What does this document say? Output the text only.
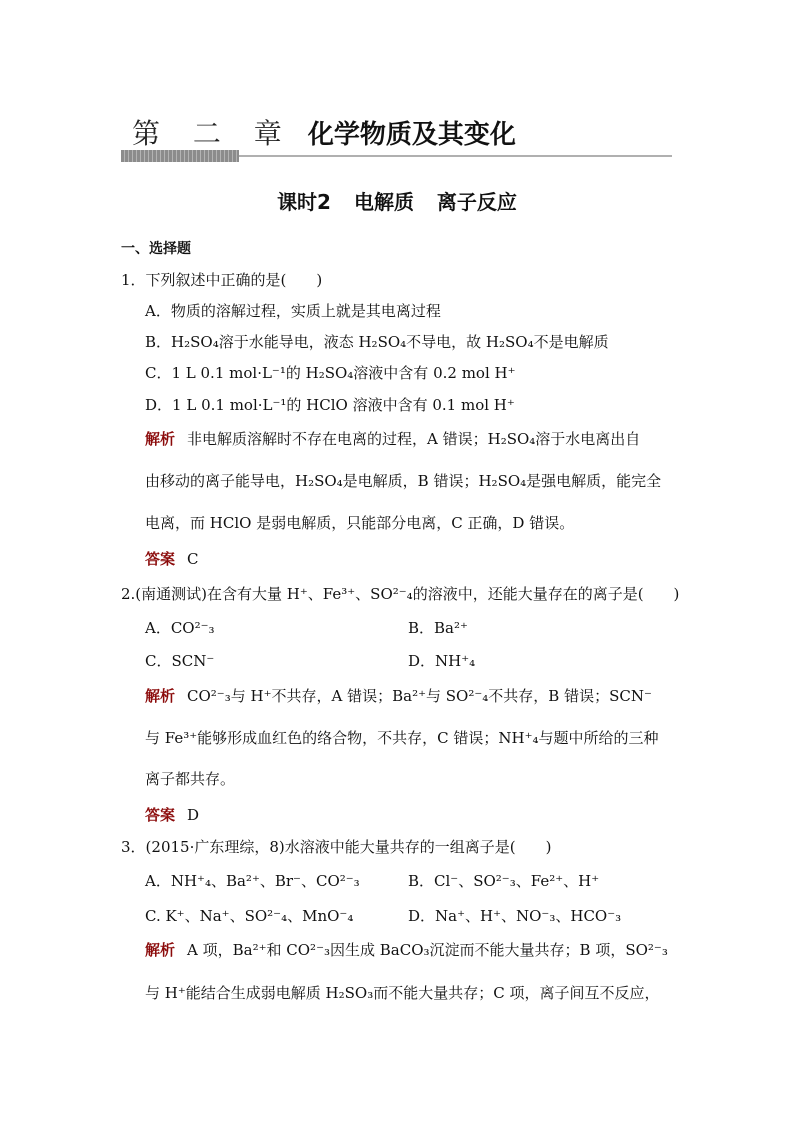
第 二 章 化学物质及其变化
课时2 电解质 离子反应
一、选择题
1．下列叙述中正确的是(　　)
A．物质的溶解过程，实质上就是其电离过程
B．H₂SO₄溶于水能导电，液态 H₂SO₄不导电，故 H₂SO₄不是电解质
C．1 L 0.1 mol·L⁻¹的 H₂SO₄溶液中含有 0.2 mol H⁺
D．1 L 0.1 mol·L⁻¹的 HClO 溶液中含有 0.1 mol H⁺
解析 非电解质溶解时不存在电离的过程，A 错误；H₂SO₄溶于水电离出自
由移动的离子能导电，H₂SO₄是电解质，B 错误；H₂SO₄是强电解质，能完全
电离，而 HClO 是弱电解质，只能部分电离，C 正确，D 错误。
答案 C
2.(南通测试)在含有大量 H⁺、Fe³⁺、SO²⁻₄的溶液中，还能大量存在的离子是(　　)
A．CO²⁻₃	B．Ba²⁺
C．SCN⁻	D．NH⁺₄
解析 CO²⁻₃与 H⁺不共存，A 错误；Ba²⁺与 SO²⁻₄不共存，B 错误；SCN⁻
与 Fe³⁺能够形成血红色的络合物，不共存，C 错误；NH⁺₄与题中所给的三种
离子都共存。
答案 D
3．(2015·广东理综，8)水溶液中能大量共存的一组离子是(　　)
A．NH⁺₄、Ba²⁺、Br⁻、CO²⁻₃	B．Cl⁻、SO²⁻₃、Fe²⁺、H⁺
C. K⁺、Na⁺、SO²⁻₄、MnO⁻₄	D．Na⁺、H⁺、NO⁻₃、HCO⁻₃
解析 A 项，Ba²⁺和 CO²⁻₃因生成 BaCO₃沉淀而不能大量共存；B 项，SO²⁻₃
与 H⁺能结合生成弱电解质 H₂SO₃而不能大量共存；C 项，离子间互不反应，
